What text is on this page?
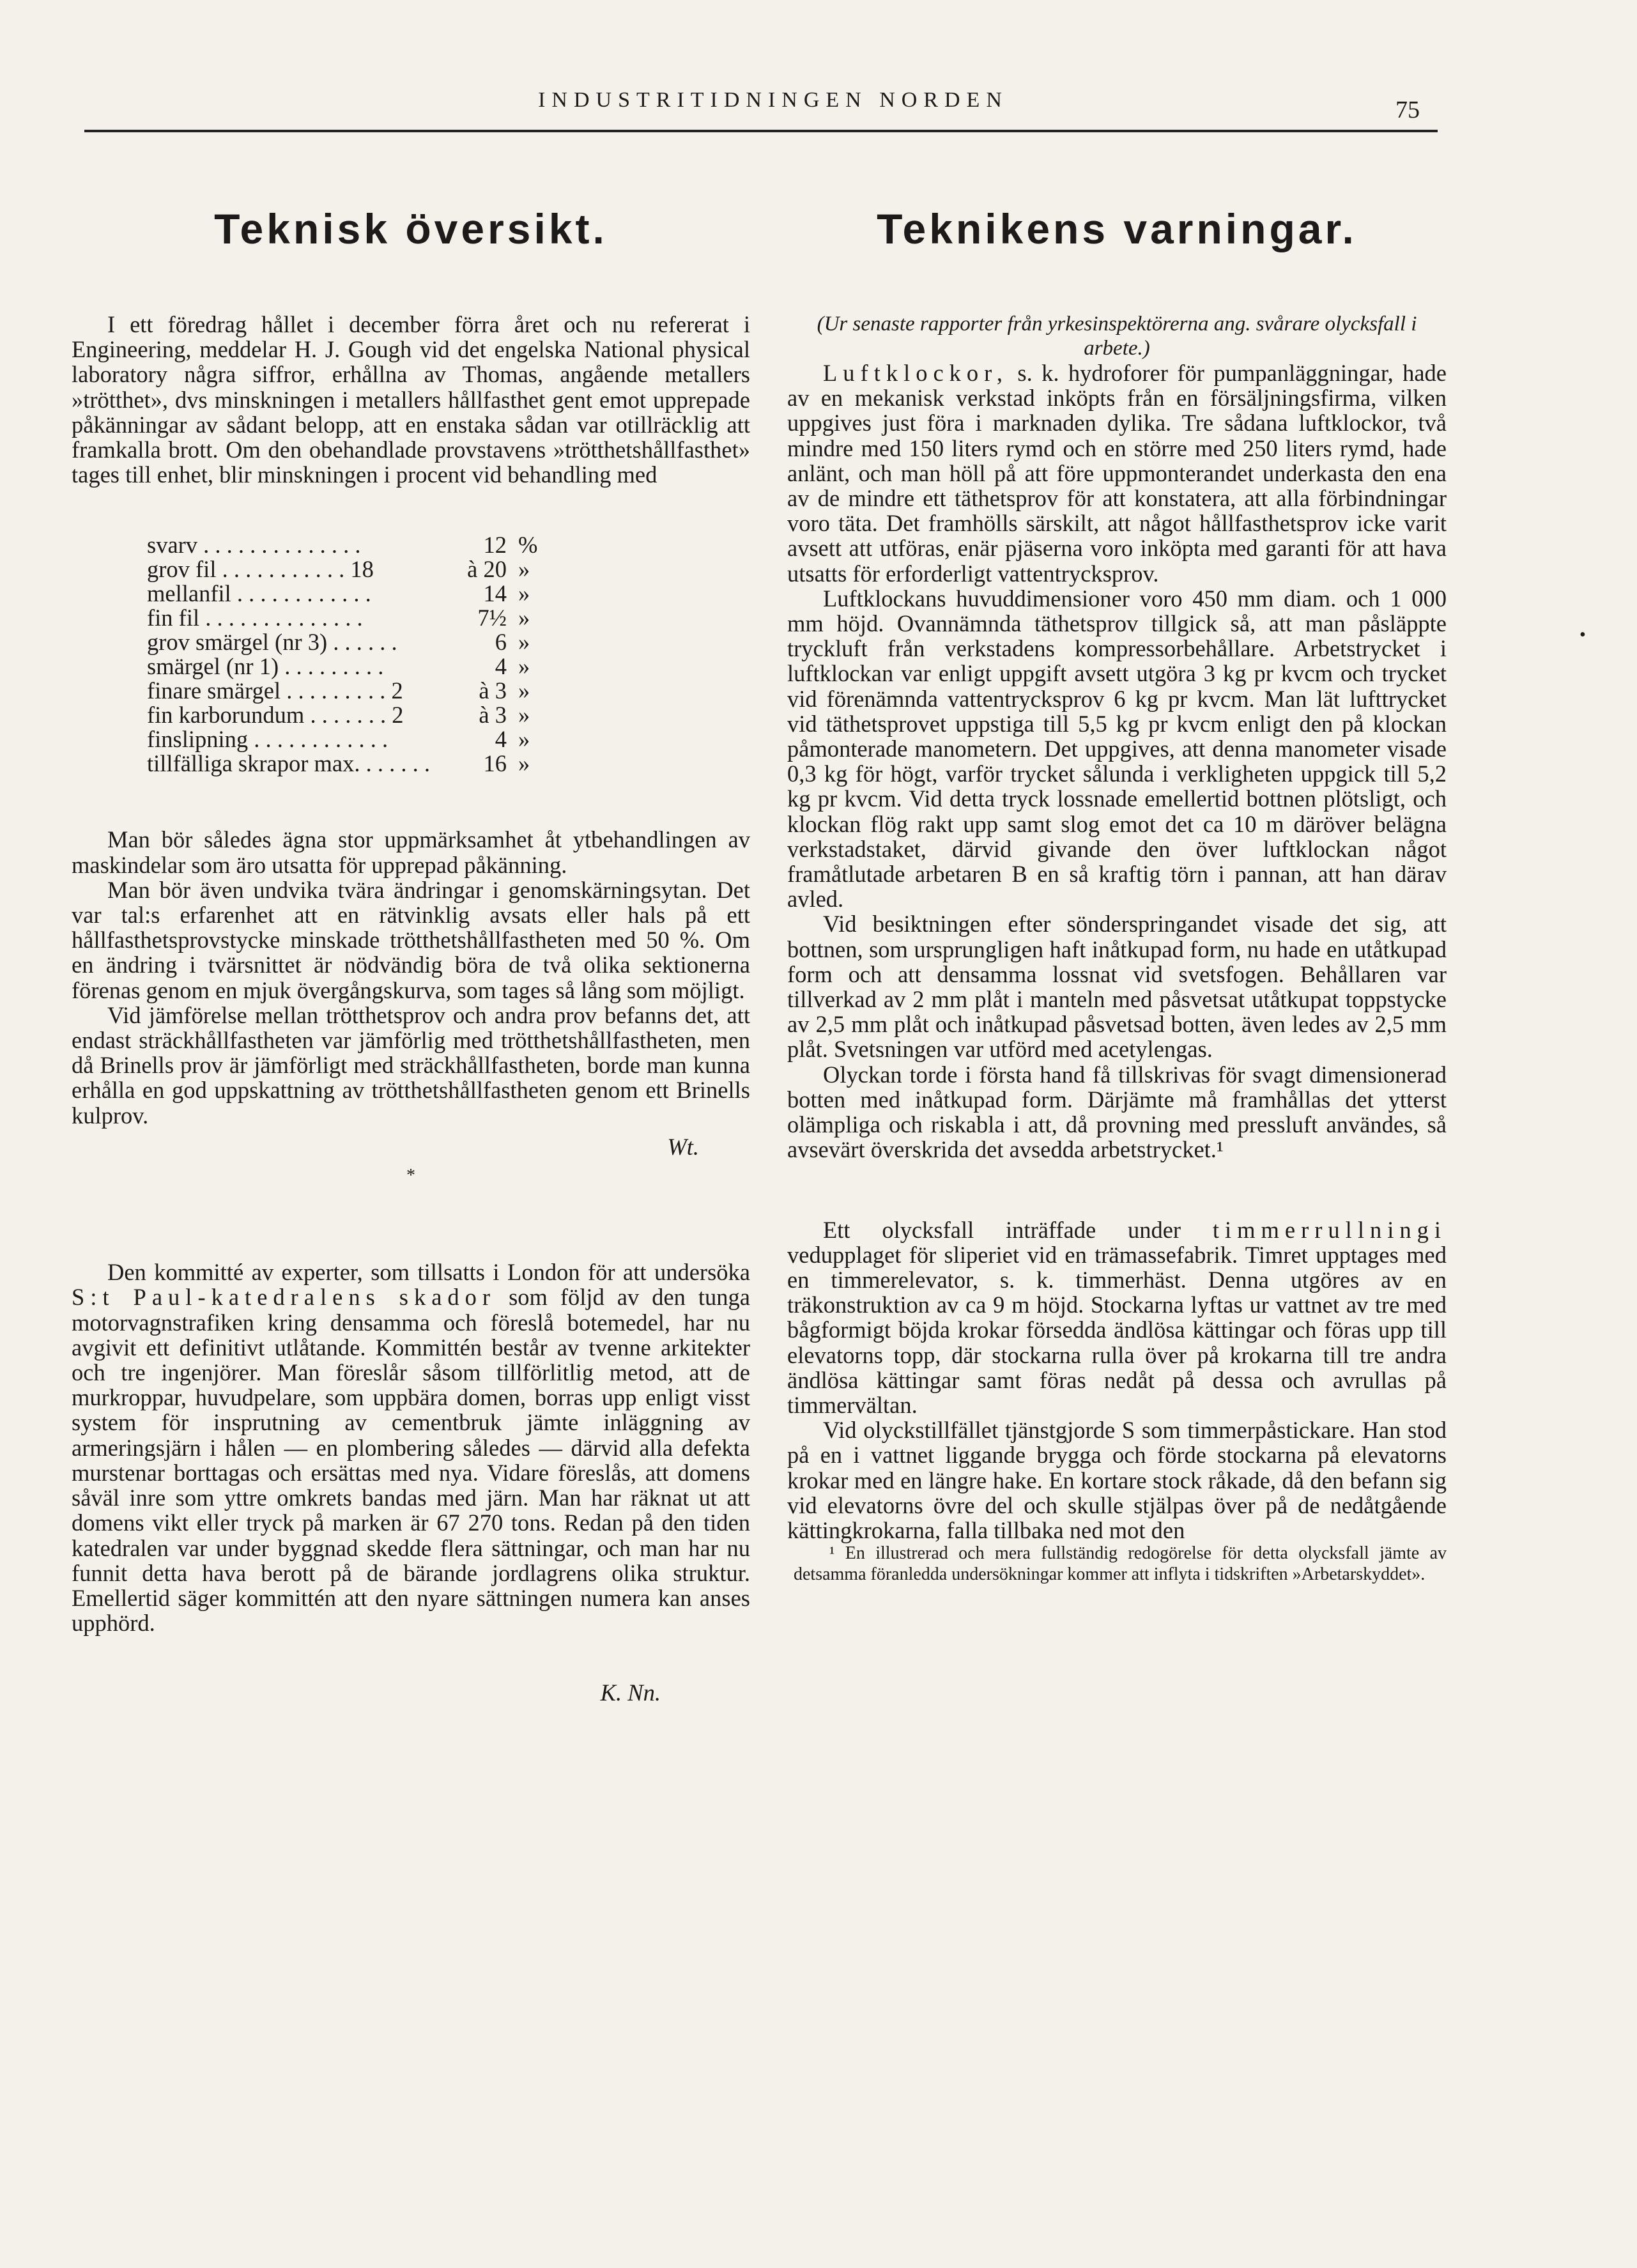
INDUSTRITIDNINGEN NORDEN	75
Teknisk översikt.

I ett föredrag hållet i december förra året och nu refererat i Engineering, meddelar H. J. Gough vid det engelska National physical laboratory några siffror, erhållna av Thomas, angående metallers »trötthet», dvs minskningen i metallers hållfasthet gent emot upprepade påkänningar av sådant belopp, att en enstaka sådan var otillräcklig att framkalla brott. Om den obehandlade provstavens »trötthetshållfasthet» tages till enhet, blir minskningen i procent vid behandling med

svarv . . . . . . . . . . . . . .	12	%
grov fil . . . . . . . . . . . 18	à 20	»
mellanfil . . . . . . . . . . . .	14	»
fin fil . . . . . . . . . . . . . .	7½	»
grov smärgel (nr 3) . . . . . .	6	»
smärgel (nr 1) . . . . . . . . .	4	»
finare smärgel . . . . . . . . . 2	à 3	»
fin karborundum . . . . . . . 2	à 3	»
finslipning . . . . . . . . . . . .	4	»
tillfälliga skrapor max. . . . . . .	16	»

Man bör således ägna stor uppmärksamhet åt ytbehandlingen av maskindelar som äro utsatta för upprepad påkänning.

Man bör även undvika tvära ändringar i genomskärningsytan. Det var tal:s erfarenhet att en rätvinklig avsats eller hals på ett hållfasthetsprovstycke minskade trötthetshållfastheten med 50 %. Om en ändring i tvärsnittet är nödvändig böra de två olika sektionerna förenas genom en mjuk övergångskurva, som tages så lång som möjligt.

Vid jämförelse mellan trötthetsprov och andra prov befanns det, att endast sträckhållfastheten var jämförlig med trötthetshållfastheten, men då Brinells prov är jämförligt med sträckhållfastheten, borde man kunna erhålla en god uppskattning av trötthetshållfastheten genom ett Brinells kulprov.

Wt.
*

Den kommitté av experter, som tillsatts i London för att undersöka S:t Paul-katedralens skador som följd av den tunga motorvagnstrafiken kring densamma och föreslå botemedel, har nu avgivit ett definitivt utlåtande. Kommittén består av tvenne arkitekter och tre ingenjörer. Man föreslår såsom tillförlitlig metod, att de murkroppar, huvudpelare, som uppbära domen, borras upp enligt visst system för insprutning av cementbruk jämte inläggning av armeringsjärn i hålen — en plombering således — därvid alla defekta murstenar borttagas och ersättas med nya. Vidare föreslås, att domens såväl inre som yttre omkrets bandas med järn. Man har räknat ut att domens vikt eller tryck på marken är 67 270 tons. Redan på den tiden katedralen var under byggnad skedde flera sättningar, och man har nu funnit detta hava berott på de bärande jordlagrens olika struktur. Emellertid säger kommittén att den nyare sättningen numera kan anses upphörd.

K. Nn.
Teknikens varningar.

(Ur senaste rapporter från yrkesinspektörerna ang. svårare olycksfall i arbete.)

Luftklockor, s. k. hydroforer för pumpanläggningar, hade av en mekanisk verkstad inköpts från en försäljningsfirma, vilken uppgives just föra i marknaden dylika. Tre sådana luftklockor, två mindre med 150 liters rymd och en större med 250 liters rymd, hade anlänt, och man höll på att före uppmonterandet underkasta den ena av de mindre ett täthetsprov för att konstatera, att alla förbindningar voro täta. Det framhölls särskilt, att något hållfasthetsprov icke varit avsett att utföras, enär pjäserna voro inköpta med garanti för att hava utsatts för erforderligt vattentrycksprov.

Luftklockans huvuddimensioner voro 450 mm diam. och 1 000 mm höjd. Ovannämnda täthetsprov tillgick så, att man påsläppte tryckluft från verkstadens kompressorbehållare. Arbetstrycket i luftklockan var enligt uppgift avsett utgöra 3 kg pr kvcm och trycket vid förenämnda vattentrycksprov 6 kg pr kvcm. Man lät lufttrycket vid täthetsprovet uppstiga till 5,5 kg pr kvcm enligt den på klockan påmonterade manometern. Det uppgives, att denna manometer visade 0,3 kg för högt, varför trycket sålunda i verkligheten uppgick till 5,2 kg pr kvcm. Vid detta tryck lossnade emellertid bottnen plötsligt, och klockan flög rakt upp samt slog emot det ca 10 m däröver belägna verkstadstaket, därvid givande den över luftklockan något framåtlutade arbetaren B en så kraftig törn i pannan, att han därav avled.

Vid besiktningen efter sönderspringandet visade det sig, att bottnen, som ursprungligen haft inåtkupad form, nu hade en utåtkupad form och att densamma lossnat vid svetsfogen. Behållaren var tillverkad av 2 mm plåt i manteln med påsvetsat utåtkupat toppstycke av 2,5 mm plåt och inåtkupad påsvetsad botten, även ledes av 2,5 mm plåt. Svetsningen var utförd med acetylengas.

Olyckan torde i första hand få tillskrivas för svagt dimensionerad botten med inåtkupad form. Därjämte må framhållas det ytterst olämpliga och riskabla i att, då provning med pressluft användes, så avsevärt överskrida det avsedda arbetstrycket.¹

Ett olycksfall inträffade under timmerrullningi vedupplaget för sliperiet vid en trämassefabrik. Timret upptages med en timmerelevator, s. k. timmerhäst. Denna utgöres av en träkonstruktion av ca 9 m höjd. Stockarna lyftas ur vattnet av tre med bågformigt böjda krokar försedda ändlösa kättingar och föras upp till elevatorns topp, där stockarna rulla över på krokarna till tre andra ändlösa kättingar samt föras nedåt på dessa och avrullas på timmervältan.

Vid olyckstillfället tjänstgjorde S som timmerpåstickare. Han stod på en i vattnet liggande brygga och förde stockarna på elevatorns krokar med en längre hake. En kortare stock råkade, då den befann sig vid elevatorns övre del och skulle stjälpas över på de nedåtgående kättingkrokarna, falla tillbaka ned mot den

¹ En illustrerad och mera fullständig redogörelse för detta olycksfall jämte av detsamma föranledda undersökningar kommer att inflyta i tidskriften »Arbetarskyddet».

•
